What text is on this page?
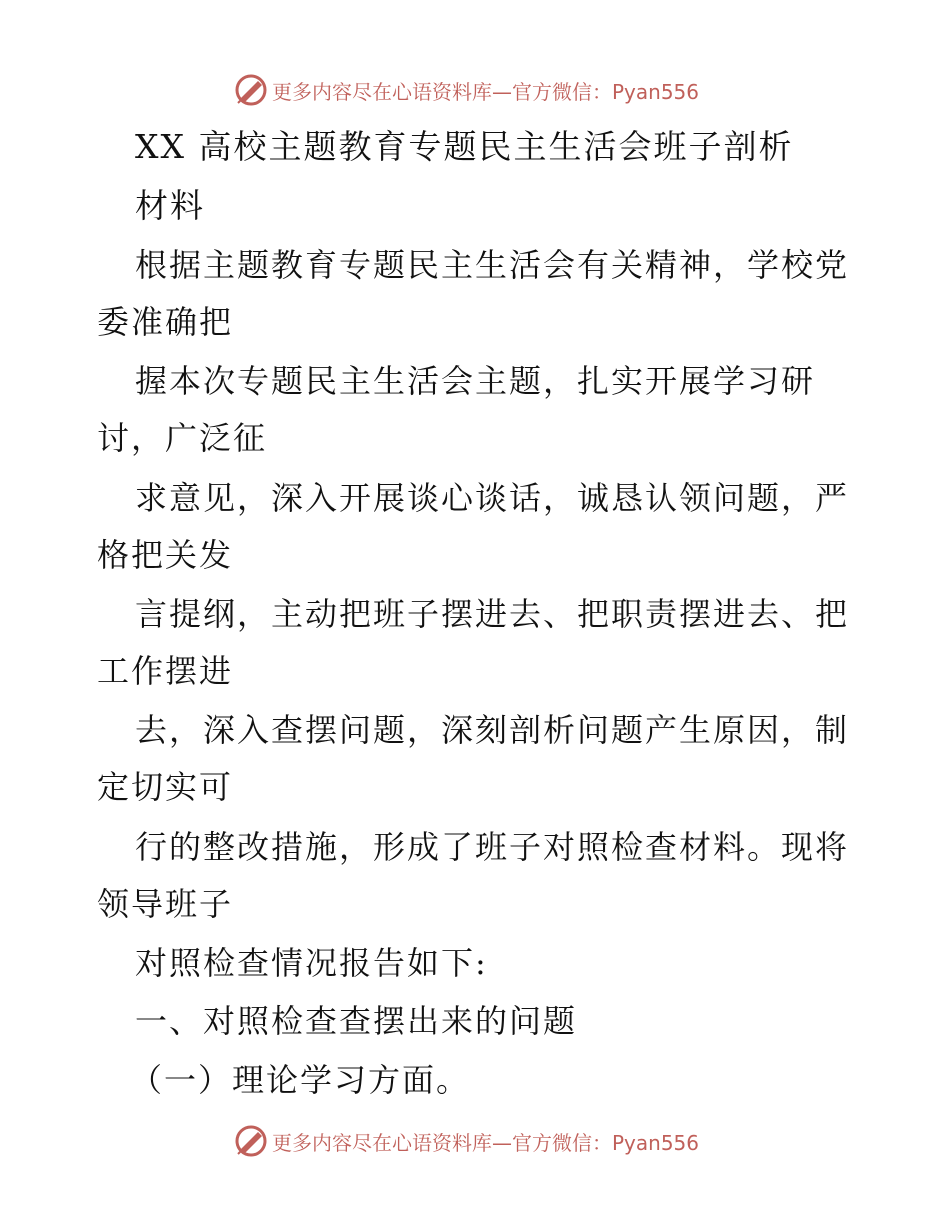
更多内容尽在心语资料库—官方微信：Pyan556
XX 高校主题教育专题民主生活会班子剖析
材料
根据主题教育专题民主生活会有关精神，学校党
委准确把
握本次专题民主生活会主题，扎实开展学习研
讨，广泛征
求意见，深入开展谈心谈话，诚恳认领问题，严
格把关发
言提纲，主动把班子摆进去、把职责摆进去、把
工作摆进
去，深入查摆问题，深刻剖析问题产生原因，制
定切实可
行的整改措施，形成了班子对照检查材料。现将
领导班子
对照检查情况报告如下:
一、对照检查查摆出来的问题
（一）理论学习方面。
更多内容尽在心语资料库—官方微信：Pyan556
